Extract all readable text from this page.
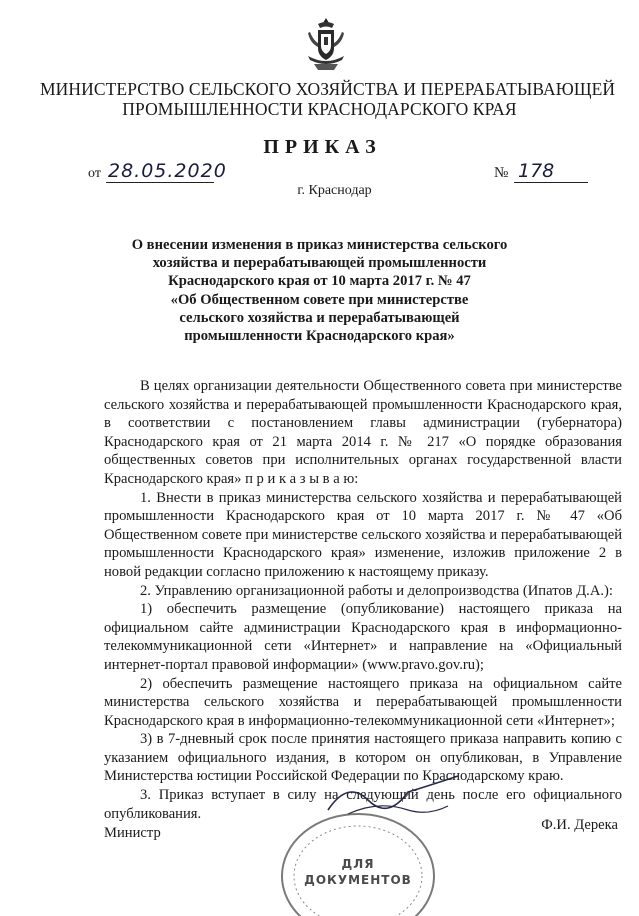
МИНИСТЕРСТВО СЕЛЬСКОГО ХОЗЯЙСТВА И ПЕРЕРАБАТЫВАЮЩЕЙ
ПРОМЫШЛЕННОСТИ КРАСНОДАРСКОГО КРАЯ
ПРИКАЗ
от 28.05.2020	№ 178
г. Краснодар
О внесении изменения в приказ министерства сельского
хозяйства и перерабатывающей промышленности
Краснодарского края от 10 марта 2017 г. № 47
«Об Общественном совете при министерстве
сельского хозяйства и перерабатывающей
промышленности Краснодарского края»

В целях организации деятельности Общественного совета при министерстве сельского хозяйства и перерабатывающей промышленности Краснодарского края, в соответствии с постановлением главы администрации (губернатора) Краснодарского края от 21 марта 2014 г. № 217 «О порядке образования общественных советов при исполнительных органах государственной власти Краснодарского края» п р и к а з ы в а ю:

1. Внести в приказ министерства сельского хозяйства и перерабатывающей промышленности Краснодарского края от 10 марта 2017 г. № 47 «Об Общественном совете при министерстве сельского хозяйства и перерабатывающей промышленности Краснодарского края» изменение, изложив приложение 2 в новой редакции согласно приложению к настоящему приказу.

2. Управлению организационной работы и делопроизводства (Ипатов Д.А.):

1) обеспечить размещение (опубликование) настоящего приказа на официальном сайте администрации Краснодарского края в информационно-телекоммуникационной сети «Интернет» и направление на «Официальный интернет-портал правовой информации» (www.pravo.gov.ru);

2) обеспечить размещение настоящего приказа на официальном сайте министерства сельского хозяйства и перерабатывающей промышленности Краснодарского края в информационно-телекоммуникационной сети «Интернет»;

3) в 7-дневный срок после принятия настоящего приказа направить копию с указанием официального издания, в котором он опубликован, в Управление Министерства юстиции Российской Федерации по Краснодарскому краю.

3. Приказ вступает в силу на следующий день после его официального опубликования.

ДЛЯ
ДОКУМЕНТОВ
Министр	Ф.И. Дерека
